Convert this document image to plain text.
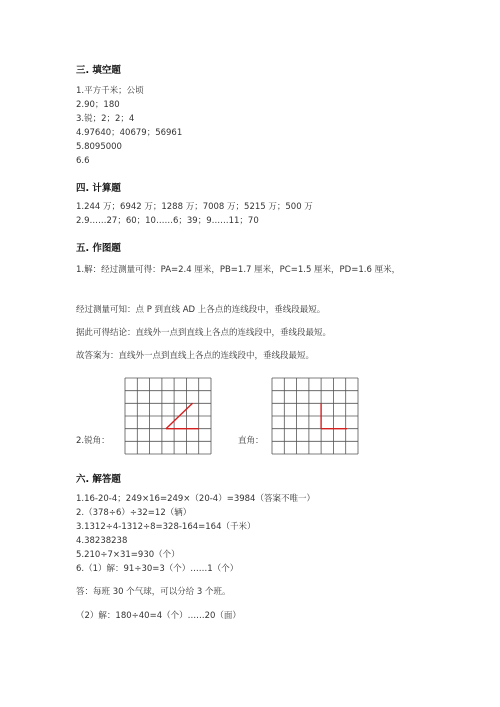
三. 填空题
1.平方千米；公顷
2.90；180
3.锐；2；2；4
4.97640；40679；56961
5.8095000
6.6
四. 计算题
1.244 万；6942 万；1288 万；7008 万；5215 万；500 万
2.9……27；60；10……6；39；9……11；70
五. 作图题
1.解：经过测量可得：PA=2.4 厘米，PB=1.7 厘米，PC=1.5 厘米，PD=1.6 厘米，
经过测量可知：点 P 到直线 AD 上各点的连线段中，垂线段最短。
据此可得结论：直线外一点到直线上各点的连线段中，垂线段最短。
故答案为：直线外一点到直线上各点的连线段中，垂线段最短。
2.锐角：	直角：
六. 解答题
1.16-20-4；249×16=249×（20-4）=3984（答案不唯一）
2.（378÷6）÷32=12（辆）
3.1312÷4-1312÷8=328-164=164（千米）
4.38238238
5.210÷7×31=930（个）
6.（1）解：91÷30=3（个）……1（个）
答：每班 30 个气球，可以分给 3 个班。
（2）解：180÷40=4（个）……20（面）
